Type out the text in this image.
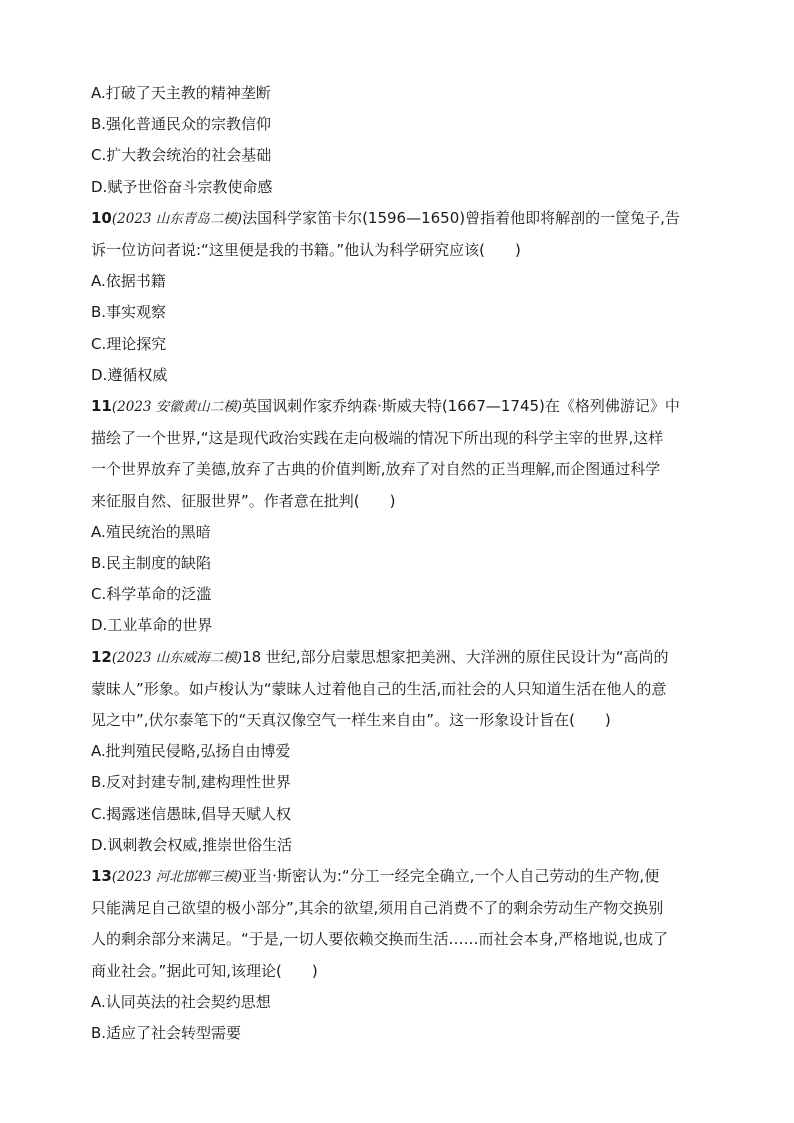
A.打破了天主教的精神垄断
B.强化普通民众的宗教信仰
C.扩大教会统治的社会基础
D.赋予世俗奋斗宗教使命感
10(2023 山东青岛二模)法国科学家笛卡尔(1596—1650)曾指着他即将解剖的一筐兔子,告
诉一位访问者说:“这里便是我的书籍。”他认为科学研究应该(　　)
A.依据书籍
B.事实观察
C.理论探究
D.遵循权威
11(2023 安徽黄山二模)英国讽刺作家乔纳森·斯威夫特(1667—1745)在《格列佛游记》中
描绘了一个世界,“这是现代政治实践在走向极端的情况下所出现的科学主宰的世界,这样
一个世界放弃了美德,放弃了古典的价值判断,放弃了对自然的正当理解,而企图通过科学
来征服自然、征服世界”。作者意在批判(　　)
A.殖民统治的黑暗
B.民主制度的缺陷
C.科学革命的泛滥
D.工业革命的世界
12(2023 山东威海二模)18 世纪,部分启蒙思想家把美洲、大洋洲的原住民设计为“高尚的
蒙昧人”形象。如卢梭认为“蒙昧人过着他自己的生活,而社会的人只知道生活在他人的意
见之中”,伏尔泰笔下的“天真汉像空气一样生来自由”。这一形象设计旨在(　　)
A.批判殖民侵略,弘扬自由博爱
B.反对封建专制,建构理性世界
C.揭露迷信愚昧,倡导天赋人权
D.讽刺教会权威,推崇世俗生活
13(2023 河北邯郸三模)亚当·斯密认为:“分工一经完全确立,一个人自己劳动的生产物,便
只能满足自己欲望的极小部分”,其余的欲望,须用自己消费不了的剩余劳动生产物交换别
人的剩余部分来满足。“于是,一切人要依赖交换而生活……而社会本身,严格地说,也成了
商业社会。”据此可知,该理论(　　)
A.认同英法的社会契约思想
B.适应了社会转型需要
